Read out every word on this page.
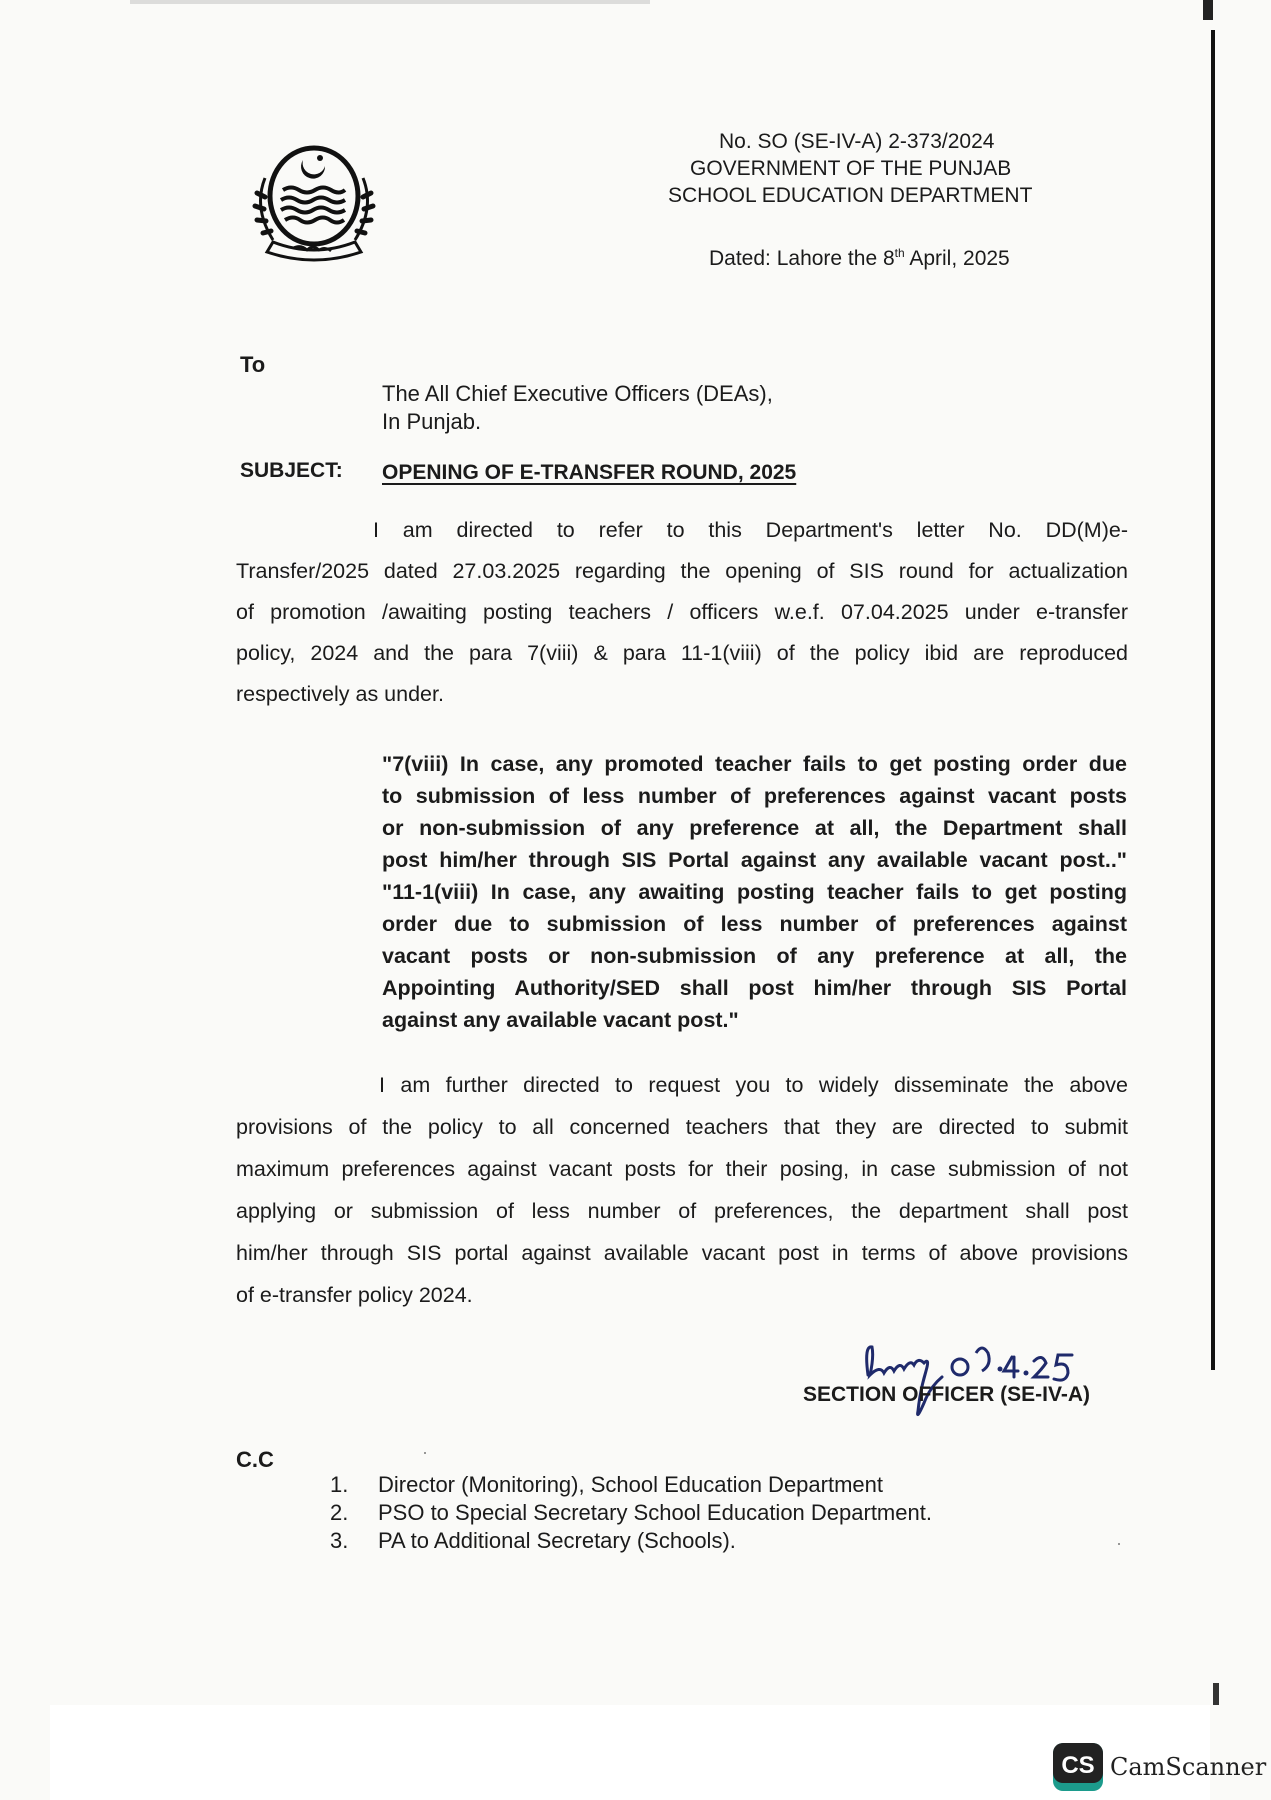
No. SO (SE-IV-A) 2-373/2024
GOVERNMENT OF THE PUNJAB
SCHOOL EDUCATION DEPARTMENT
Dated: Lahore the 8th April, 2025
To
The All Chief Executive Officers (DEAs),
In Punjab.
SUBJECT: OPENING OF E-TRANSFER ROUND, 2025
I am directed to refer to this Department's letter No. DD(M)e-
Transfer/2025 dated 27.03.2025 regarding the opening of SIS round for actualization
of promotion /awaiting posting teachers / officers w.e.f. 07.04.2025 under e-transfer
policy, 2024 and the para 7(viii) & para 11-1(viii) of the policy ibid are reproduced
respectively as under.
"7(viii) In case, any promoted teacher fails to get posting order due
to submission of less number of preferences against vacant posts
or non-submission of any preference at all, the Department shall
post him/her through SIS Portal against any available vacant post.."
"11-1(viii) In case, any awaiting posting teacher fails to get posting
order due to submission of less number of preferences against
vacant posts or non-submission of any preference at all, the
Appointing Authority/SED shall post him/her through SIS Portal
against any available vacant post."
I am further directed to request you to widely disseminate the above
provisions of the policy to all concerned teachers that they are directed to submit
maximum preferences against vacant posts for their posing, in case submission of not
applying or submission of less number of preferences, the department shall post
him/her through SIS portal against available vacant post in terms of above provisions
of e-transfer policy 2024.
SECTION OFFICER (SE-IV-A)
C.C
1. Director (Monitoring), School Education Department
2. PSO to Special Secretary School Education Department.
3. PA to Additional Secretary (Schools).
CS CamScanner
